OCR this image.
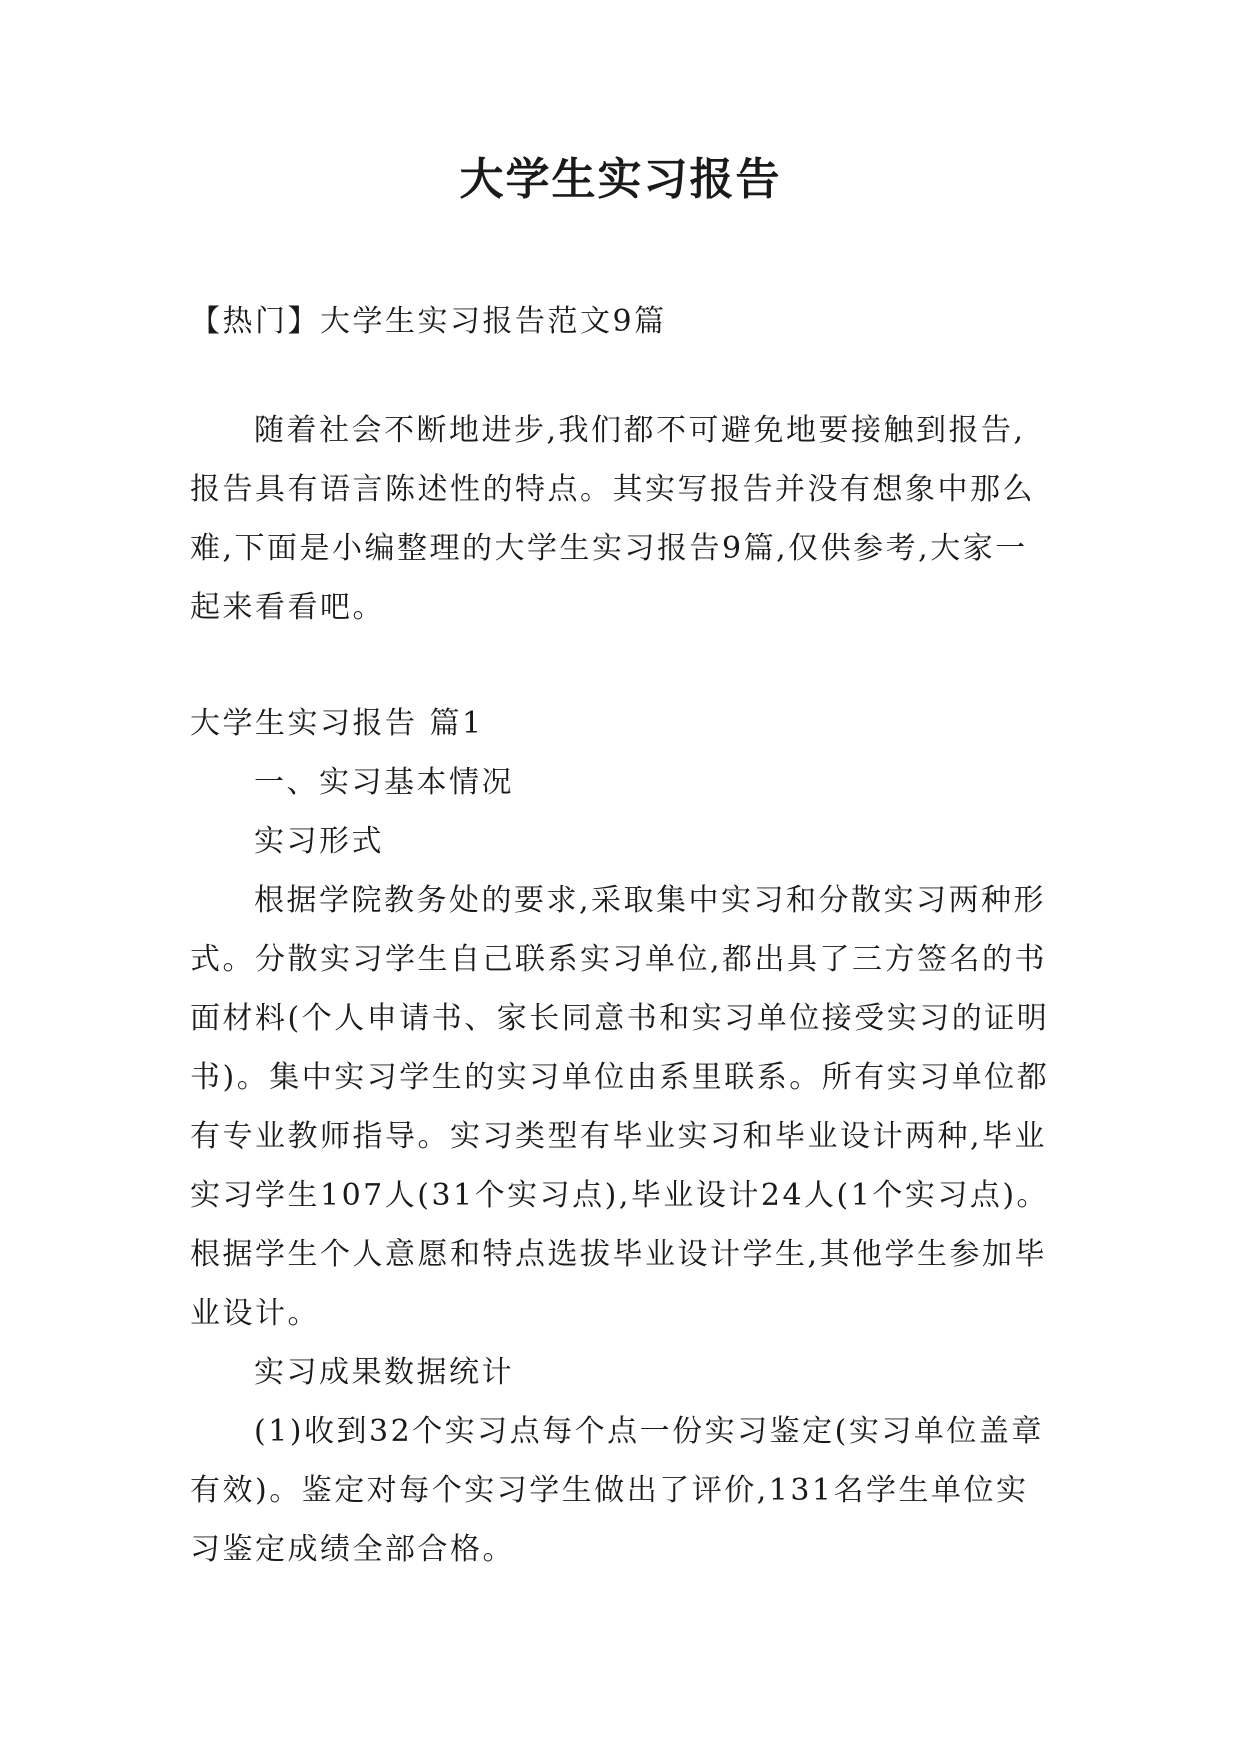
大学生实习报告

【热门】大学生实习报告范文9篇

随着社会不断地进步,我们都不可避免地要接触到报告,报告具有语言陈述性的特点。其实写报告并没有想象中那么难,下面是小编整理的大学生实习报告9篇,仅供参考,大家一起来看看吧。

大学生实习报告 篇1

一、实习基本情况

实习形式

根据学院教务处的要求,采取集中实习和分散实习两种形式。分散实习学生自己联系实习单位,都出具了三方签名的书面材料(个人申请书、家长同意书和实习单位接受实习的证明书)。集中实习学生的实习单位由系里联系。所有实习单位都有专业教师指导。实习类型有毕业实习和毕业设计两种,毕业实习学生107人(31个实习点),毕业设计24人(1个实习点)。根据学生个人意愿和特点选拔毕业设计学生,其他学生参加毕业设计。

实习成果数据统计

(1)收到32个实习点每个点一份实习鉴定(实习单位盖章有效)。鉴定对每个实习学生做出了评价,131名学生单位实习鉴定成绩全部合格。
